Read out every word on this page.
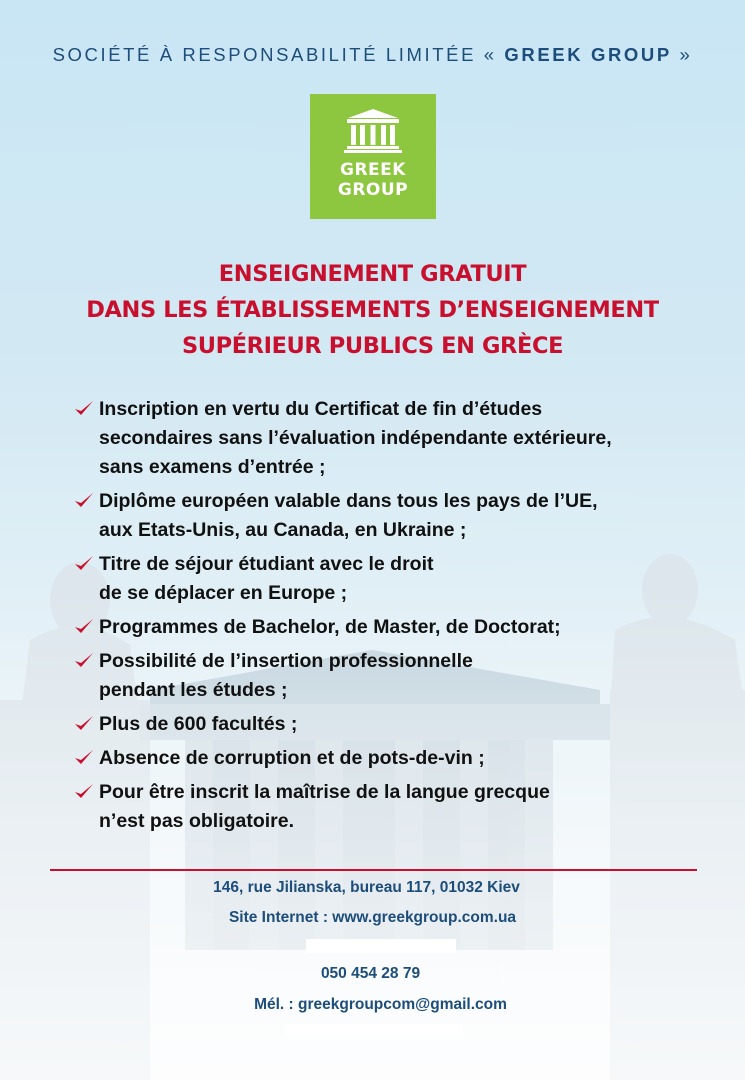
SOCIÉTÉ À RESPONSABILITÉ LIMITÉE « GREEK GROUP »
GREEK
GROUP
ENSEIGNEMENT GRATUIT
DANS LES ÉTABLISSEMENTS D’ENSEIGNEMENT
SUPÉRIEUR PUBLICS EN GRÈCE
Inscription en vertu du Certificat de fin d’études
secondaires sans l’évaluation indépendante extérieure,
sans examens d’entrée ;
Diplôme européen valable dans tous les pays de l’UE,
aux Etats-Unis, au Canada, en Ukraine ;
Titre de séjour étudiant avec le droit
de se déplacer en Europe ;
Programmes de Bachelor, de Master, de Doctorat;
Possibilité de l’insertion professionnelle
pendant les études ;
Plus de 600 facultés ;
Absence de corruption et de pots-de-vin ;
Pour être inscrit la maîtrise de la langue grecque
n’est pas obligatoire.
146, rue Jilianska, bureau 117, 01032 Kiev
Site Internet : www.greekgroup.com.ua
050 454 28 79
Mél. : greekgroupcom@gmail.com
